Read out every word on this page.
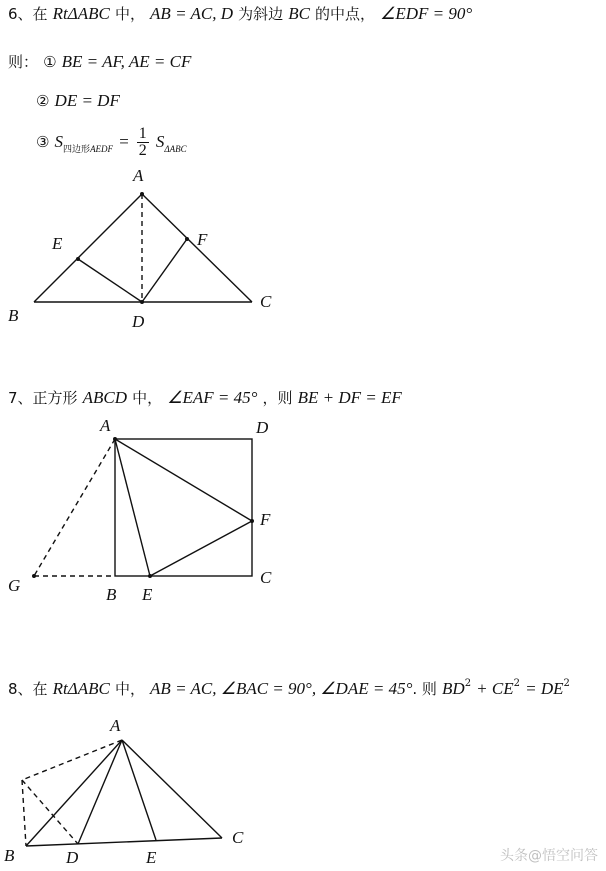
6、在 RtΔABC 中， AB = AC, D 为斜边 BC 的中点， ∠EDF = 90°
则： ① BE = AF, AE = CF
② DE = DF
③ $S_{四边形AEDF} = \frac{1}{2} S_{\Delta ABC}$
A
E	F
B	D
C
7、正方形 ABCD 中， ∠EAF = 45° ，则 BE + DF = EF
A	D
F
C
G	B E
8、在 RtΔABC 中， AB = AC, ∠BAC = 90°, ∠DAE = 45°. 则 $BD^2 + CE^2 = DE^2$
A
C
B	D	E	头条@悟空问答
